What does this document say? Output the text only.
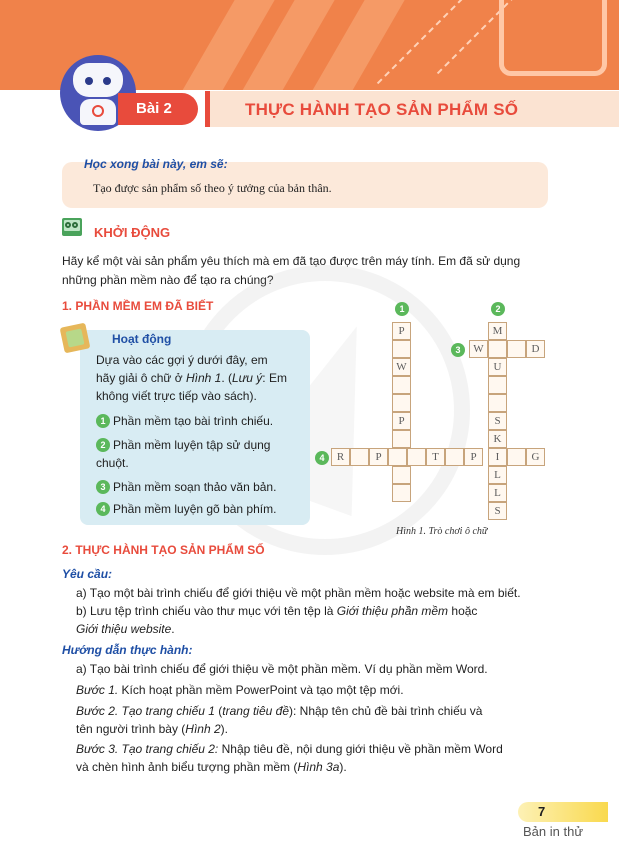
Bài 2	THỰC HÀNH TẠO SẢN PHẨM SỐ
Học xong bài này, em sẽ:
Tạo được sản phẩm số theo ý tưởng của bản thân.
KHỞI ĐỘNG
Hãy kể một vài sản phẩm yêu thích mà em đã tạo được trên máy tính. Em đã sử dụng
những phần mềm nào để tạo ra chúng?
1. PHẦN MỀM EM ĐÃ BIẾT
Hoạt động
Dựa vào các gợi ý dưới đây, em
hãy giải ô chữ ở Hình 1. (Lưu ý: Em
không viết trực tiếp vào sách).
1 Phần mềm tạo bài trình chiếu.
2 Phần mềm luyện tập sử dụng
chuột.
3 Phần mềm soạn thảo văn bản.
4 Phần mềm luyện gõ bàn phím.
1	2
3
4
P
W
P
M
U
S
K
L
L
S
W	D
R	P	T	P	I	G
Hình 1. Trò chơi ô chữ
2. THỰC HÀNH TẠO SẢN PHẨM SỐ
Yêu cầu:
a) Tạo một bài trình chiếu để giới thiệu về một phần mềm hoặc website mà em biết.
b) Lưu tệp trình chiếu vào thư mục với tên tệp là Giới thiệu phần mềm hoặc
Giới thiệu website.
Hướng dẫn thực hành:
a) Tạo bài trình chiếu để giới thiệu về một phần mềm. Ví dụ phần mềm Word.
Bước 1. Kích hoạt phần mềm PowerPoint và tạo một tệp mới.
Bước 2. Tạo trang chiếu 1 (trang tiêu đề): Nhập tên chủ đề bài trình chiếu và
tên người trình bày (Hình 2).
Bước 3. Tạo trang chiếu 2: Nhập tiêu đề, nội dung giới thiệu về phần mềm Word
và chèn hình ảnh biểu tượng phần mềm (Hình 3a).
7
Bản in thử
